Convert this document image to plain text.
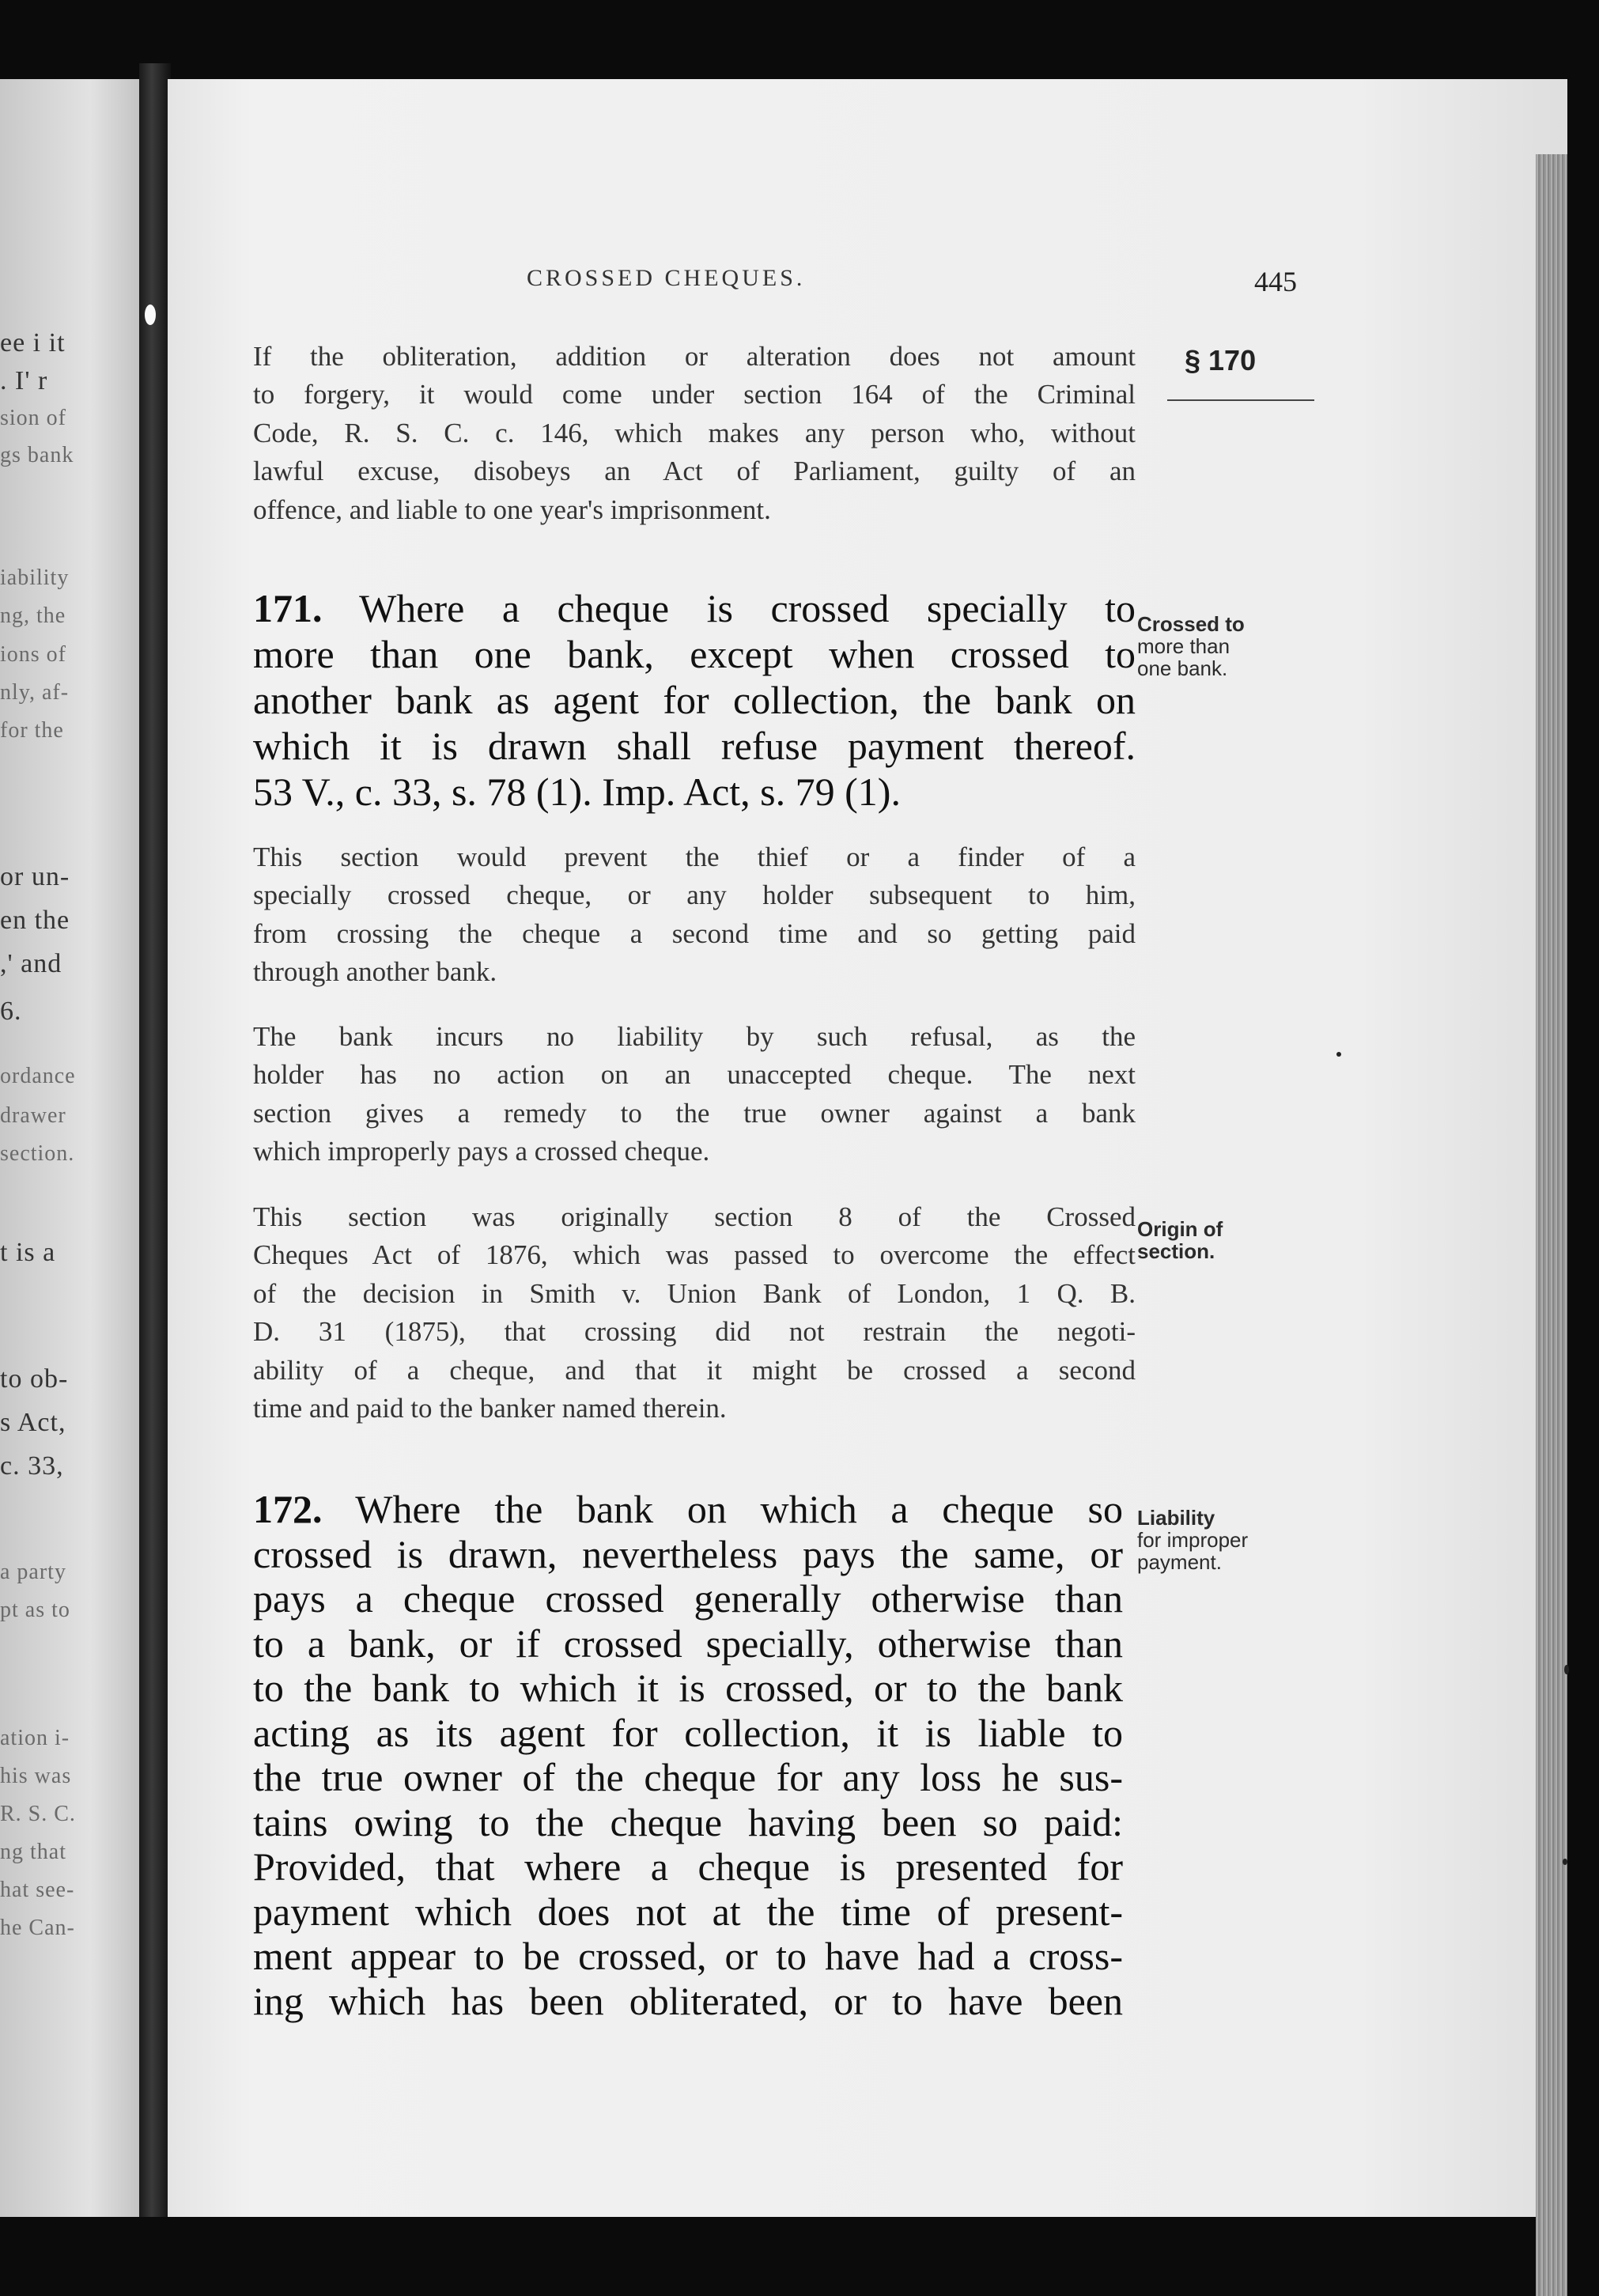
ee i it
. I' r
sion of
gs bank
iability
ng, the
ions of
nly, af-
for the
or un-
en the
,' and
6.
ordance
drawer
section.
t is a
to ob-
s Act,
c. 33,
a party
pt as to
ation i-
his was
R. S. C.
ng that
hat see-
he Can-
CROSSED CHEQUES.	445
§ 170
If the obliteration, addition or alteration does not amount
to forgery, it would come under section 164 of the Criminal
Code, R. S. C. c. 146, which makes any person who, without
lawful excuse, disobeys an Act of Parliament, guilty of an
offence, and liable to one year's imprisonment.
171. Where a cheque is crossed specially to
more than one bank, except when crossed to
another bank as agent for collection, the bank on
which it is drawn shall refuse payment thereof.
53 V., c. 33, s. 78 (1). Imp. Act, s. 79 (1).
This section would prevent the thief or a finder of a
specially crossed cheque, or any holder subsequent to him,
from crossing the cheque a second time and so getting paid
through another bank.
The bank incurs no liability by such refusal, as the
holder has no action on an unaccepted cheque. The next
section gives a remedy to the true owner against a bank
which improperly pays a crossed cheque.
This section was originally section 8 of the Crossed
Cheques Act of 1876, which was passed to overcome the effect
of the decision in Smith v. Union Bank of London, 1 Q. B.
D. 31 (1875), that crossing did not restrain the negoti-
ability of a cheque, and that it might be crossed a second
time and paid to the banker named therein.
172. Where the bank on which a cheque so
crossed is drawn, nevertheless pays the same, or
pays a cheque crossed generally otherwise than
to a bank, or if crossed specially, otherwise than
to the bank to which it is crossed, or to the bank
acting as its agent for collection, it is liable to
the true owner of the cheque for any loss he sus-
tains owing to the cheque having been so paid:
Provided, that where a cheque is presented for
payment which does not at the time of present-
ment appear to be crossed, or to have had a cross-
ing which has been obliterated, or to have been
Crossed to
more than
one bank.
Origin of
section.
Liability
for improper
payment.
